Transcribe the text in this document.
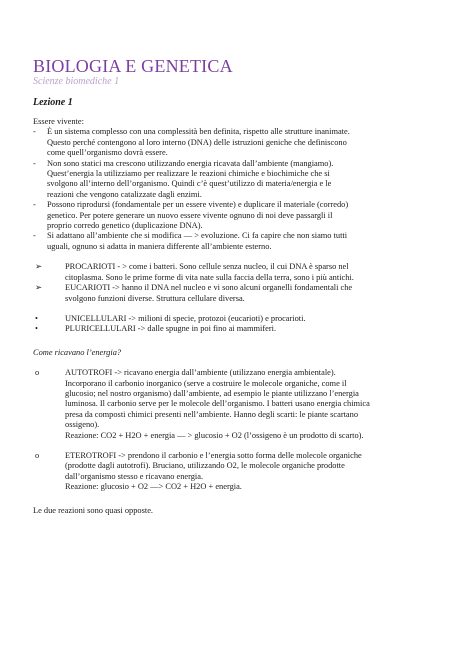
BIOLOGIA E GENETICA
Scienze biomediche 1
Lezione 1

Essere vivente:

- È un sistema complesso con una complessità ben definita, rispetto alle strutture inanimate.
Questo perché contengono al loro interno (DNA) delle istruzioni geniche che definiscono
come quell’organismo dovrà essere.
- Non sono statici ma crescono utilizzando energia ricavata dall’ambiente (mangiamo).
Quest’energia la utilizziamo per realizzare le reazioni chimiche e biochimiche che si
svolgono all’interno dell’organismo. Quindi c’è quest’utilizzo di materia/energia e le
reazioni che vengono catalizzate dagli enzimi.
- Possono riprodursi (fondamentale per un essere vivente) e duplicare il materiale (corredo)
genetico. Per potere generare un nuovo essere vivente ognuno di noi deve passargli il
proprio corredo genetico (duplicazione DNA).
- Si adattano all’ambiente che si modifica — > evoluzione. Ci fa capire che non siamo tutti
uguali, ognuno si adatta in maniera differente all’ambiente esterno.
➢	PROCARIOTI - > come i batteri. Sono cellule senza nucleo, il cui DNA è sparso nel
citoplasma. Sono le prime forme di vita nate sulla faccia della terra, sono i più antichi.
➢	EUCARIOTI -> hanno il DNA nel nucleo e vi sono alcuni organelli fondamentali che
svolgono funzioni diverse. Struttura cellulare diversa.
•	UNICELLULARI -> milioni di specie, protozoi (eucarioti) e procarioti.
•	PLURICELLULARI -> dalle spugne in poi fino ai mammiferi.

Come ricavano l’energia?

o	AUTOTROFI -> ricavano energia dall’ambiente (utilizzano energia ambientale).
Incorporano il carbonio inorganico (serve a costruire le molecole organiche, come il
glucosio; nel nostro organismo) dall’ambiente, ad esempio le piante utilizzano l’energia
luminosa. Il carbonio serve per le molecole dell’organismo. I batteri usano energia chimica
presa da composti chimici presenti nell’ambiente. Hanno degli scarti: le piante scartano
ossigeno).
Reazione: CO2 + H2O + energia — > glucosio + O2 (l’ossigeno è un prodotto di scarto).
o	ETEROTROFI -> prendono il carbonio e l’energia sotto forma delle molecole organiche
(prodotte dagli autotrofi). Bruciano, utilizzando O2, le molecole organiche prodotte
dall’organismo stesso e ricavano energia.
Reazione: glucosio + O2 —> CO2 + H2O + energia.

Le due reazioni sono quasi opposte.
